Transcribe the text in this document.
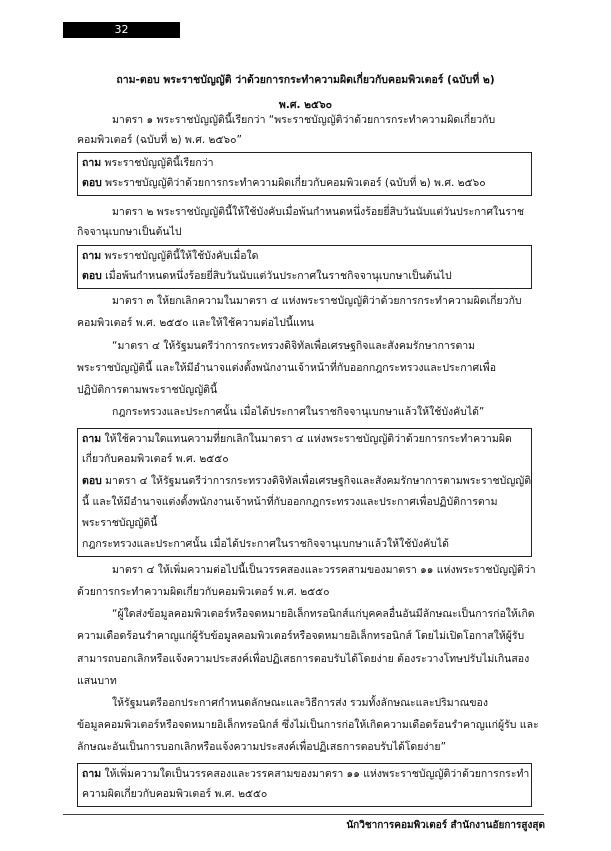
32
ถาม-ตอบ พระราชบัญญัติ ว่าด้วยการกระทำความผิดเกี่ยวกับคอมพิวเตอร์ (ฉบับที่ ๒)
พ.ศ. ๒๕๖๐
มาตรา ๑ พระราชบัญญัตินี้เรียกว่า “พระราชบัญญัติว่าด้วยการกระทำความผิดเกี่ยวกับ
คอมพิวเตอร์ (ฉบับที่ ๒) พ.ศ. ๒๕๖๐”
ถาม พระราชบัญญัตินี้เรียกว่า
ตอบ พระราชบัญญัติว่าด้วยการกระทำความผิดเกี่ยวกับคอมพิวเตอร์ (ฉบับที่ ๒) พ.ศ. ๒๕๖๐
มาตรา ๒ พระราชบัญญัตินี้ให้ใช้บังคับเมื่อพ้นกำหนดหนึ่งร้อยยี่สิบวันนับแต่วันประกาศในราช
กิจจานุเบกษาเป็นต้นไป
ถาม พระราชบัญญัตินี้ให้ใช้บังคับเมื่อใด
ตอบ เมื่อพ้นกำหนดหนึ่งร้อยยี่สิบวันนับแต่วันประกาศในราชกิจจานุเบกษาเป็นต้นไป
มาตรา ๓ ให้ยกเลิกความในมาตรา ๔ แห่งพระราชบัญญัติว่าด้วยการกระทำความผิดเกี่ยวกับ
คอมพิวเตอร์ พ.ศ. ๒๕๕๐ และให้ใช้ความต่อไปนี้แทน
“มาตรา ๔ ให้รัฐมนตรีว่าการกระทรวงดิจิทัลเพื่อเศรษฐกิจและสังคมรักษาการตาม
พระราชบัญญัตินี้ และให้มีอำนาจแต่งตั้งพนักงานเจ้าหน้าที่กับออกกฎกระทรวงและประกาศเพื่อ
ปฏิบัติการตามพระราชบัญญัตินี้
กฎกระทรวงและประกาศนั้น เมื่อได้ประกาศในราชกิจจานุเบกษาแล้วให้ใช้บังคับได้”
ถาม ให้ใช้ความใดแทนความที่ยกเลิกในมาตรา ๔ แห่งพระราชบัญญัติว่าด้วยการกระทำความผิด
เกี่ยวกับคอมพิวเตอร์ พ.ศ. ๒๕๕๐
ตอบ มาตรา ๔ ให้รัฐมนตรีว่าการกระทรวงดิจิทัลเพื่อเศรษฐกิจและสังคมรักษาการตามพระราชบัญญัติ
นี้ และให้มีอำนาจแต่งตั้งพนักงานเจ้าหน้าที่กับออกกฎกระทรวงและประกาศเพื่อปฏิบัติการตาม
พระราชบัญญัตินี้
กฎกระทรวงและประกาศนั้น เมื่อได้ประกาศในราชกิจจานุเบกษาแล้วให้ใช้บังคับได้
มาตรา ๔ ให้เพิ่มความต่อไปนี้เป็นวรรคสองและวรรคสามของมาตรา ๑๑ แห่งพระราชบัญญัติว่า
ด้วยการกระทำความผิดเกี่ยวกับคอมพิวเตอร์ พ.ศ. ๒๕๕๐
“ผู้ใดส่งข้อมูลคอมพิวเตอร์หรือจดหมายอิเล็กทรอนิกส์แก่บุคคลอื่นอันมีลักษณะเป็นการก่อให้เกิด
ความเดือดร้อนรำคาญแก่ผู้รับข้อมูลคอมพิวเตอร์หรือจดหมายอิเล็กทรอนิกส์ โดยไม่เปิดโอกาสให้ผู้รับ
สามารถบอกเลิกหรือแจ้งความประสงค์เพื่อปฏิเสธการตอบรับได้โดยง่าย ต้องระวางโทษปรับไม่เกินสอง
แสนบาท
ให้รัฐมนตรีออกประกาศกำหนดลักษณะและวิธีการส่ง รวมทั้งลักษณะและปริมาณของ
ข้อมูลคอมพิวเตอร์หรือจดหมายอิเล็กทรอนิกส์ ซึ่งไม่เป็นการก่อให้เกิดความเดือดร้อนรำคาญแก่ผู้รับ และ
ลักษณะอันเป็นการบอกเลิกหรือแจ้งความประสงค์เพื่อปฏิเสธการตอบรับได้โดยง่าย”
ถาม ให้เพิ่มความใดเป็นวรรคสองและวรรคสามของมาตรา ๑๑ แห่งพระราชบัญญัติว่าด้วยการกระทำ
ความผิดเกี่ยวกับคอมพิวเตอร์ พ.ศ. ๒๕๕๐
นักวิชาการคอมพิวเตอร์ สำนักงานอัยการสูงสุด
